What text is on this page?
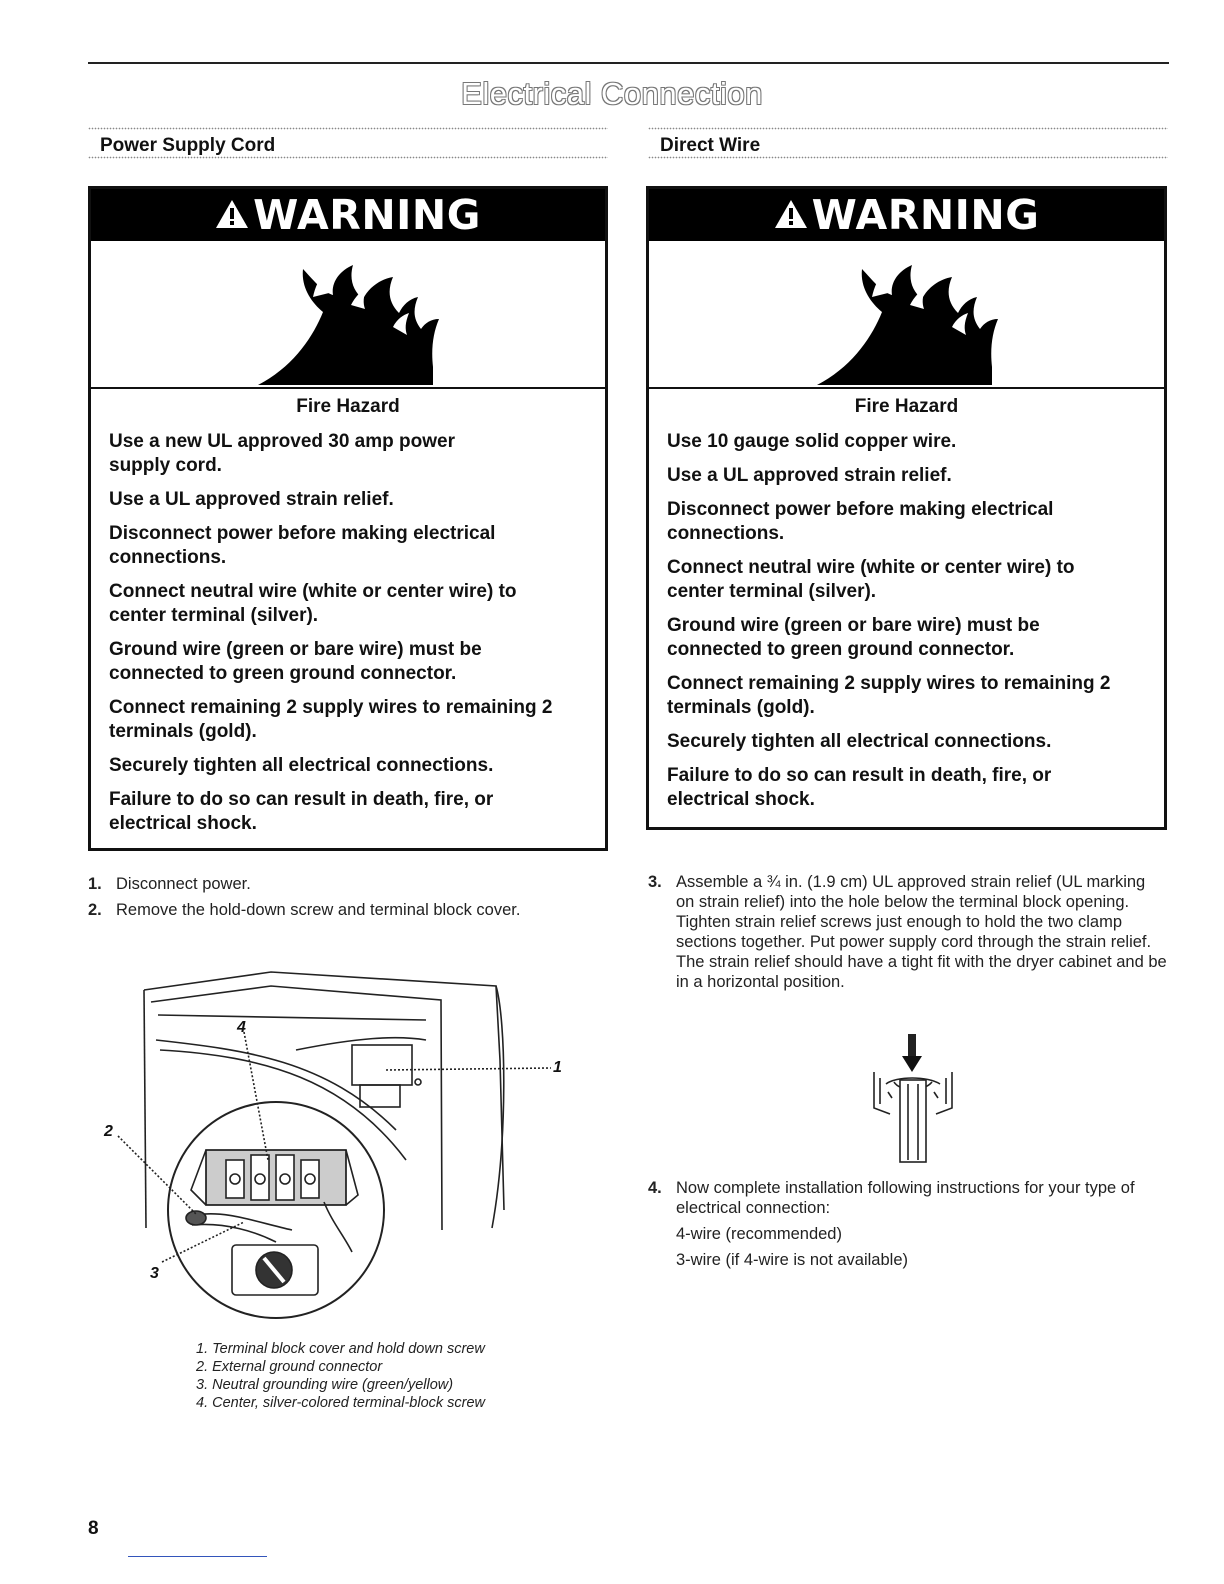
Electrical Connection
Power Supply Cord	Direct Wire
WARNING
Fire Hazard

Use a new UL approved 30 amp power supply cord.

Use a UL approved strain relief.

Disconnect power before making electrical connections.

Connect neutral wire (white or center wire) to center terminal (silver).

Ground wire (green or bare wire) must be connected to green ground connector.

Connect remaining 2 supply wires to remaining 2 terminals (gold).

Securely tighten all electrical connections.

Failure to do so can result in death, fire, or electrical shock.

WARNING
Fire Hazard

Use 10 gauge solid copper wire.

Use a UL approved strain relief.

Disconnect power before making electrical connections.

Connect neutral wire (white or center wire) to center terminal (silver).

Ground wire (green or bare wire) must be connected to green ground connector.

Connect remaining 2 supply wires to remaining 2 terminals (gold).

Securely tighten all electrical connections.

Failure to do so can result in death, fire, or electrical shock.

1. Disconnect power.
2. Remove the hold-down screw and terminal block cover.
4
1
2
3
1. Terminal block cover and hold down screw
2. External ground connector
3. Neutral grounding wire (green/yellow)
4. Center, silver-colored terminal-block screw
3. Assemble a ¾ in. (1.9 cm) UL approved strain relief (UL marking on strain relief) into the hole below the terminal block opening. Tighten strain relief screws just enough to hold the two clamp sections together. Put power supply cord through the strain relief. The strain relief should have a tight fit with the dryer cabinet and be in a horizontal position.
4. Now complete installation following instructions for your type of electrical connection:
4-wire (recommended)
3-wire (if 4-wire is not available)
8
